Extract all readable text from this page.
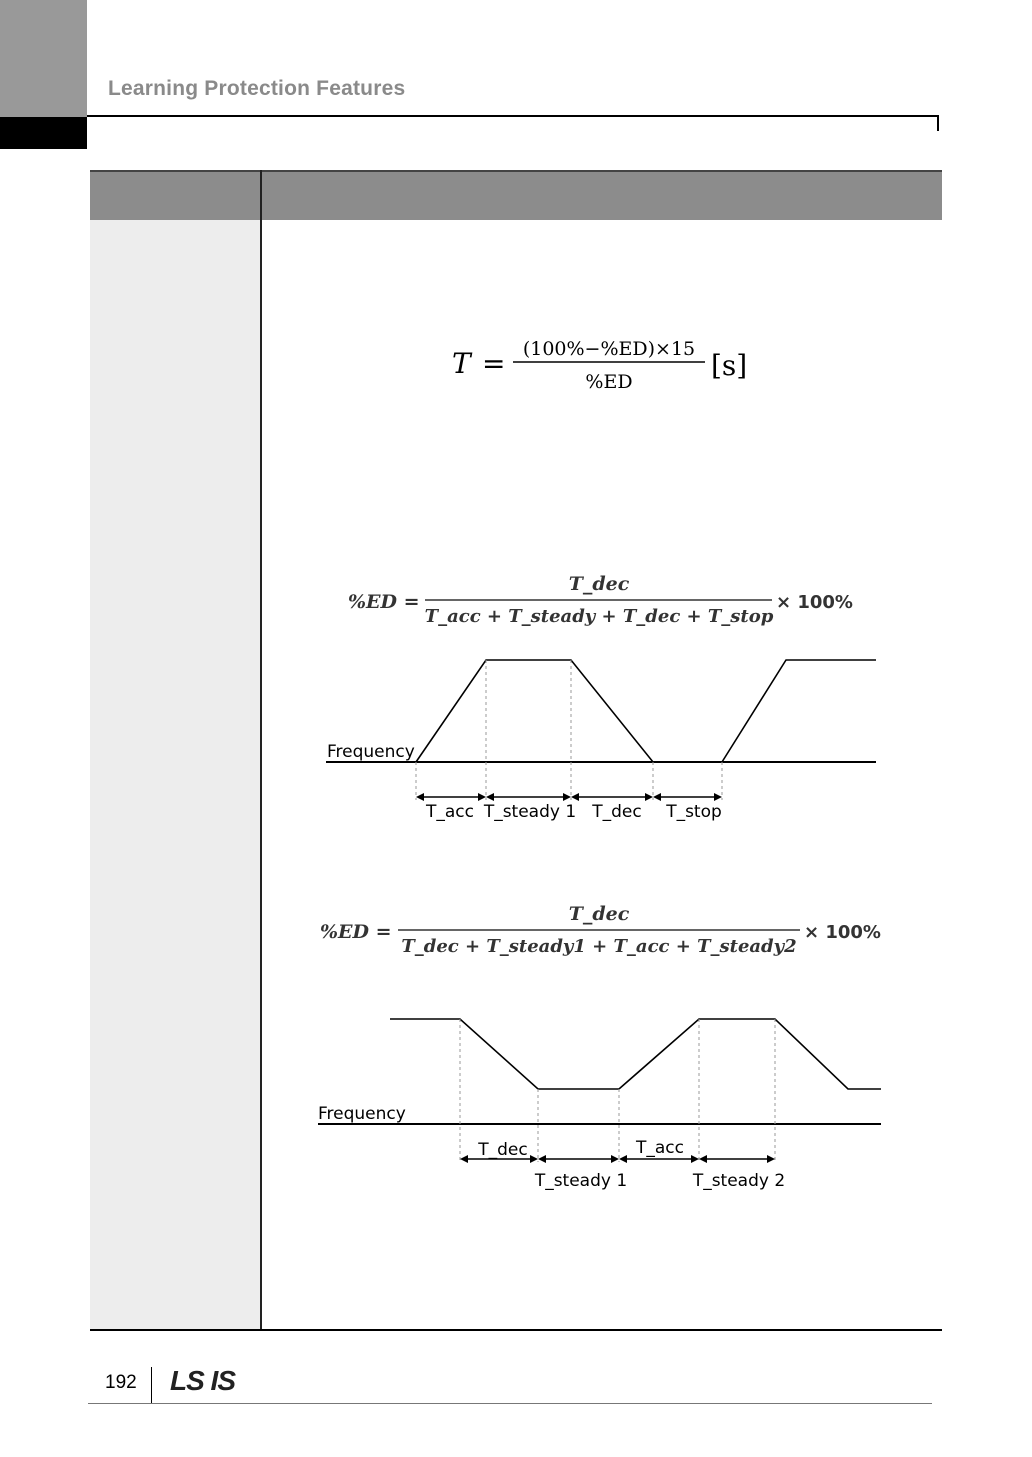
Learning Protection Features
T = (100%−%ED)×15
%ED	[s]
%ED =
T_dec
T_acc + T_steady + T_dec + T_stop
× 100%
Frequency
T_acc T_steady 1 T_dec T_stop
%ED =
T_dec
T_dec + T_steady1 + T_acc + T_steady2
× 100%
Frequency
T_dec	T_acc
T_steady 1	T_steady 2
192 LS IS
